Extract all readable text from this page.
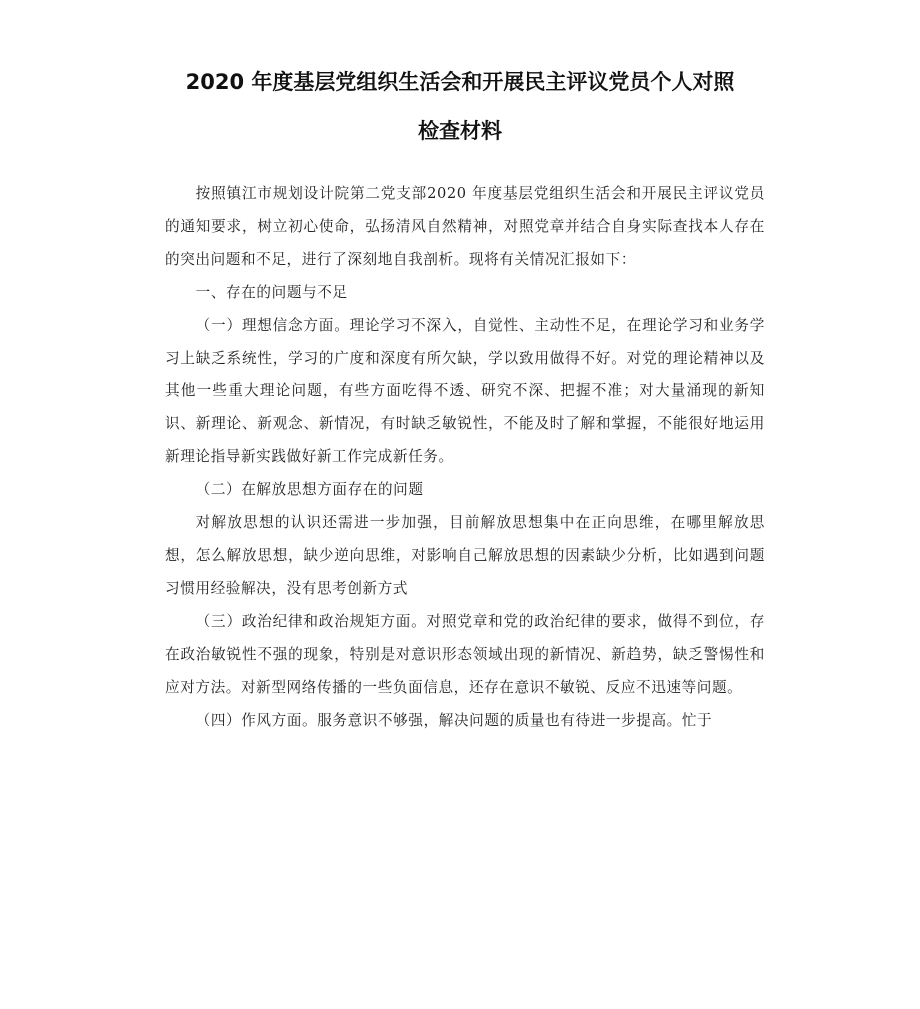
2020 年度基层党组织生活会和开展民主评议党员个人对照
检查材料

按照镇江市规划设计院第二党支部2020 年度基层党组织生活会和开展民主评议党员的通知要求，树立初心使命，弘扬清风自然精神，对照党章并结合自身实际查找本人存在的突出问题和不足，进行了深刻地自我剖析。现将有关情况汇报如下：

一、存在的问题与不足

（一）理想信念方面。理论学习不深入，自觉性、主动性不足，在理论学习和业务学习上缺乏系统性，学习的广度和深度有所欠缺，学以致用做得不好。对党的理论精神以及其他一些重大理论问题，有些方面吃得不透、研究不深、把握不准；对大量涌现的新知识、新理论、新观念、新情况，有时缺乏敏锐性，不能及时了解和掌握，不能很好地运用新理论指导新实践做好新工作完成新任务。

（二）在解放思想方面存在的问题

对解放思想的认识还需进一步加强，目前解放思想集中在正向思维，在哪里解放思想，怎么解放思想，缺少逆向思维，对影响自己解放思想的因素缺少分析，比如遇到问题习惯用经验解决，没有思考创新方式

（三）政治纪律和政治规矩方面。对照党章和党的政治纪律的要求，做得不到位，存在政治敏锐性不强的现象，特别是对意识形态领域出现的新情况、新趋势，缺乏警惕性和应对方法。对新型网络传播的一些负面信息，还存在意识不敏锐、反应不迅速等问题。

（四）作风方面。服务意识不够强，解决问题的质量也有待进一步提高。忙于
